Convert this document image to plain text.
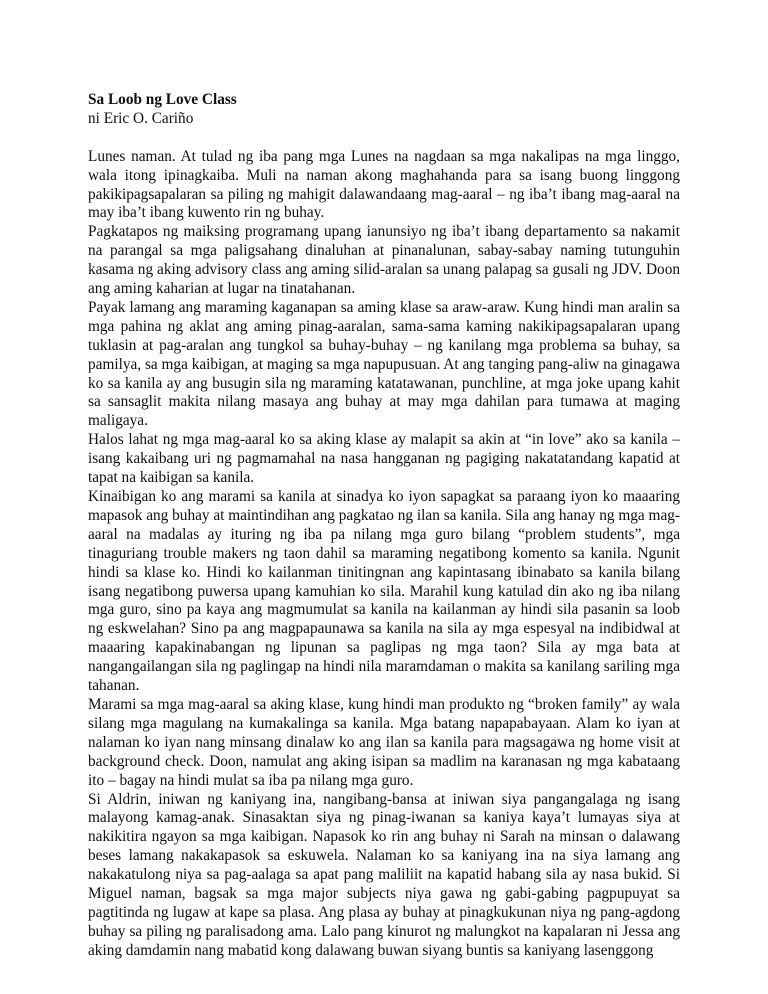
Sa Loob ng Love Class

ni Eric O. Cariño

Lunes naman. At tulad ng iba pang mga Lunes na nagdaan sa mga nakalipas na mga linggo, wala itong ipinagkaiba. Muli na naman akong maghahanda para sa isang buong linggong pakikipagsapalaran sa piling ng mahigit dalawandaang mag-aaral – ng iba’t ibang mag-aaral na may iba’t ibang kuwento rin ng buhay.

Pagkatapos ng maiksing programang upang ianunsiyo ng iba’t ibang departamento sa nakamit na parangal sa mga paligsahang dinaluhan at pinanalunan, sabay-sabay naming tutunguhin kasama ng aking advisory class ang aming silid-aralan sa unang palapag sa gusali ng JDV. Doon ang aming kaharian at lugar na tinatahanan.

Payak lamang ang maraming kaganapan sa aming klase sa araw-araw. Kung hindi man aralin sa mga pahina ng aklat ang aming pinag-aaralan, sama-sama kaming nakikipagsapalaran upang tuklasin at pag-aralan ang tungkol sa buhay-buhay – ng kanilang mga problema sa buhay, sa pamilya, sa mga kaibigan, at maging sa mga napupusuan. At ang tanging pang-aliw na ginagawa ko sa kanila ay ang busugin sila ng maraming katatawanan, punchline, at mga joke upang kahit sa sansaglit makita nilang masaya ang buhay at may mga dahilan para tumawa at maging maligaya.

Halos lahat ng mga mag-aaral ko sa aking klase ay malapit sa akin at “in love” ako sa kanila – isang kakaibang uri ng pagmamahal na nasa hangganan ng pagiging nakatatandang kapatid at tapat na kaibigan sa kanila.

Kinaibigan ko ang marami sa kanila at sinadya ko iyon sapagkat sa paraang iyon ko maaaring mapasok ang buhay at maintindihan ang pagkatao ng ilan sa kanila. Sila ang hanay ng mga mag-aaral na madalas ay ituring ng iba pa nilang mga guro bilang “problem students”, mga tinaguriang trouble makers ng taon dahil sa maraming negatibong komento sa kanila. Ngunit hindi sa klase ko. Hindi ko kailanman tinitingnan ang kapintasang ibinabato sa kanila bilang isang negatibong puwersa upang kamuhian ko sila. Marahil kung katulad din ako ng iba nilang mga guro, sino pa kaya ang magmumulat sa kanila na kailanman ay hindi sila pasanin sa loob ng eskwelahan? Sino pa ang magpapaunawa sa kanila na sila ay mga espesyal na indibidwal at maaaring kapakinabangan ng lipunan sa paglipas ng mga taon? Sila ay mga bata at nangangailangan sila ng paglingap na hindi nila maramdaman o makita sa kanilang sariling mga tahanan.

Marami sa mga mag-aaral sa aking klase, kung hindi man produkto ng “broken family” ay wala silang mga magulang na kumakalinga sa kanila. Mga batang napapabayaan. Alam ko iyan at nalaman ko iyan nang minsang dinalaw ko ang ilan sa kanila para magsagawa ng home visit at background check. Doon, namulat ang aking isipan sa madlim na karanasan ng mga kabataang ito – bagay na hindi mulat sa iba pa nilang mga guro.

Si Aldrin, iniwan ng kaniyang ina, nangibang-bansa at iniwan siya pangangalaga ng isang malayong kamag-anak. Sinasaktan siya ng pinag-iwanan sa kaniya kaya’t lumayas siya at nakikitira ngayon sa mga kaibigan. Napasok ko rin ang buhay ni Sarah na minsan o dalawang beses lamang nakakapasok sa eskuwela. Nalaman ko sa kaniyang ina na siya lamang ang nakakatulong niya sa pag-aalaga sa apat pang maliliit na kapatid habang sila ay nasa bukid. Si Miguel naman, bagsak sa mga major subjects niya gawa ng gabi-gabing pagpupuyat sa pagtitinda ng lugaw at kape sa plasa. Ang plasa ay buhay at pinagkukunan niya ng pang-agdong buhay sa piling ng paralisadong ama. Lalo pang kinurot ng malungkot na kapalaran ni Jessa ang aking damdamin nang mabatid kong dalawang buwan siyang buntis sa kaniyang lasenggong
